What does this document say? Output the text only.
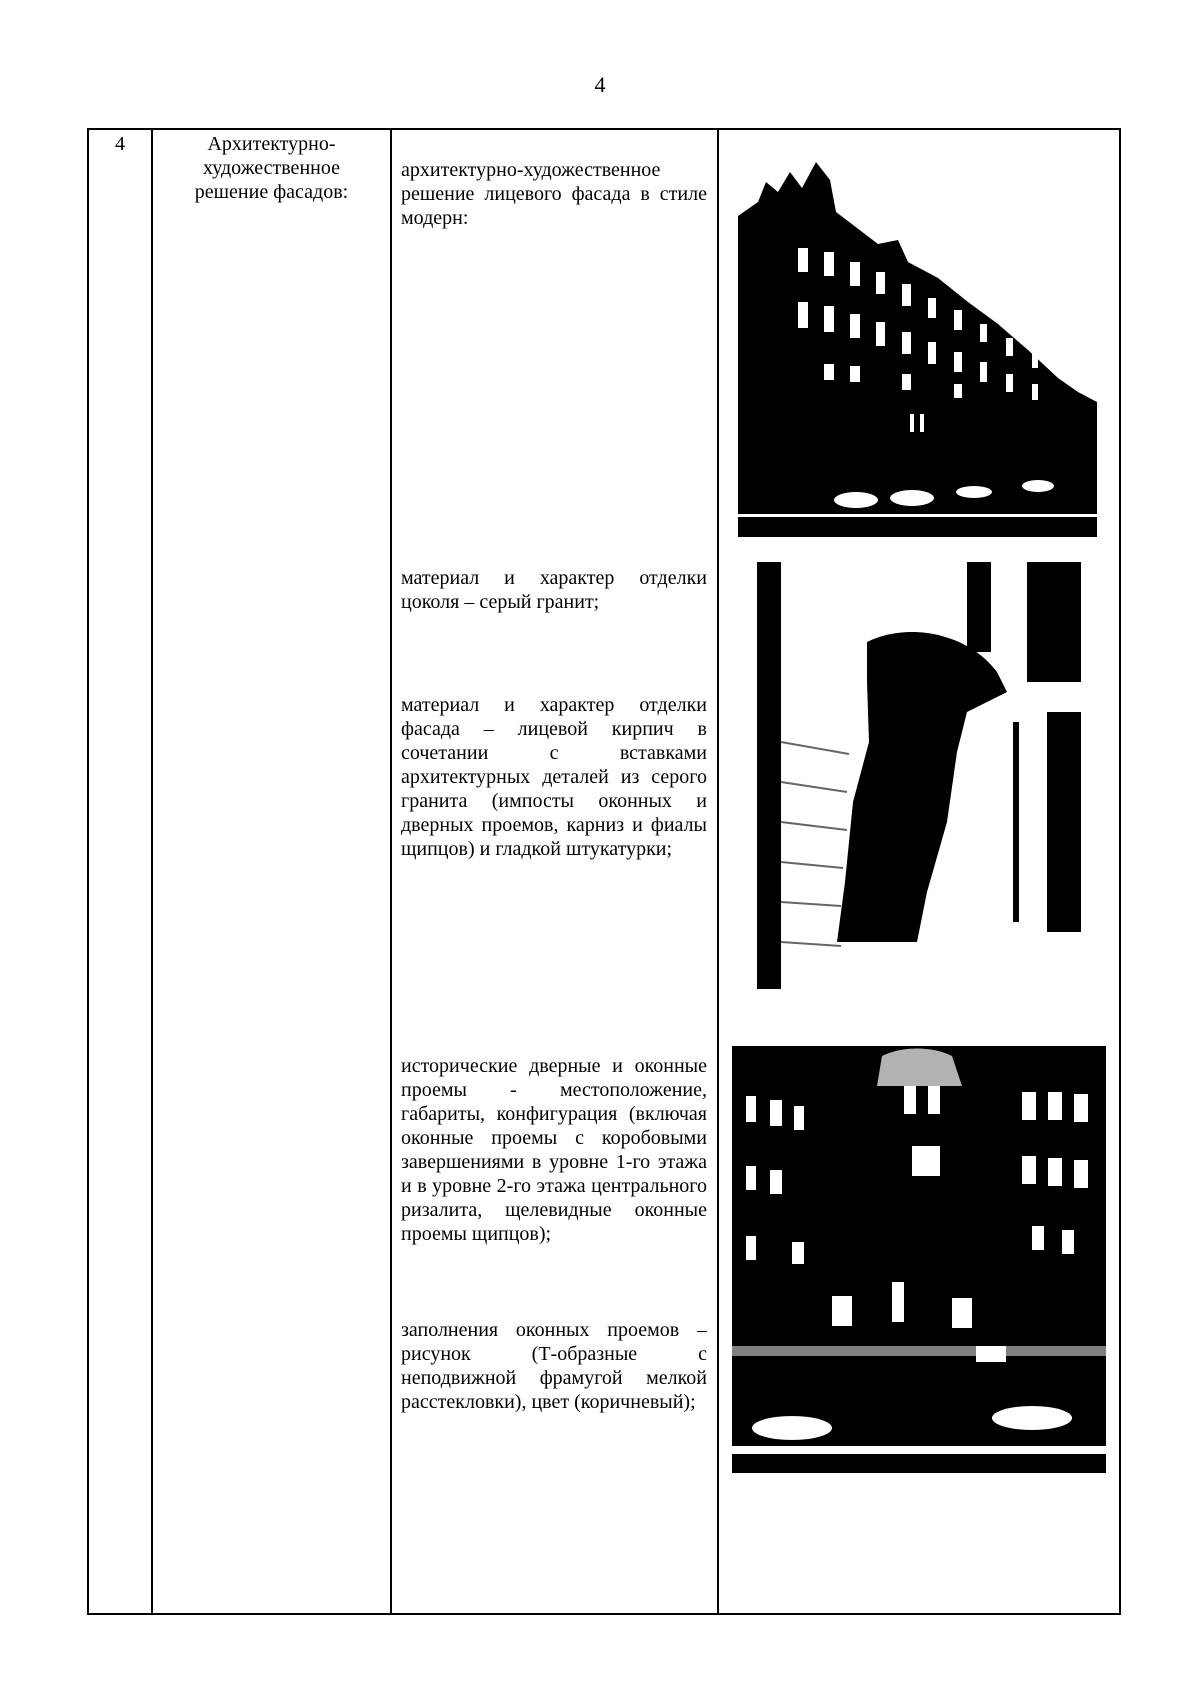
4
4	Архитектурно-
художественное
решение фасадов:
архитектурно-художественное решение лицевого фасада в стиле модерн:
материал и характер отделки цоколя – серый гранит;
материал и характер отделки фасада – лицевой кирпич в сочетании с вставками архитектурных деталей из серого гранита (импосты оконных и дверных проемов, карниз и фиалы щипцов) и гладкой штукатурки;
исторические дверные и оконные проемы - местоположение, габариты, конфигурация (включая оконные проемы с коробовыми завершениями в уровне 1-го этажа и в уровне 2-го этажа центрального ризалита, щелевидные оконные проемы щипцов);
заполнения оконных проемов – рисунок (Т-образные с неподвижной фрамугой мелкой расстекловки), цвет (коричневый);
